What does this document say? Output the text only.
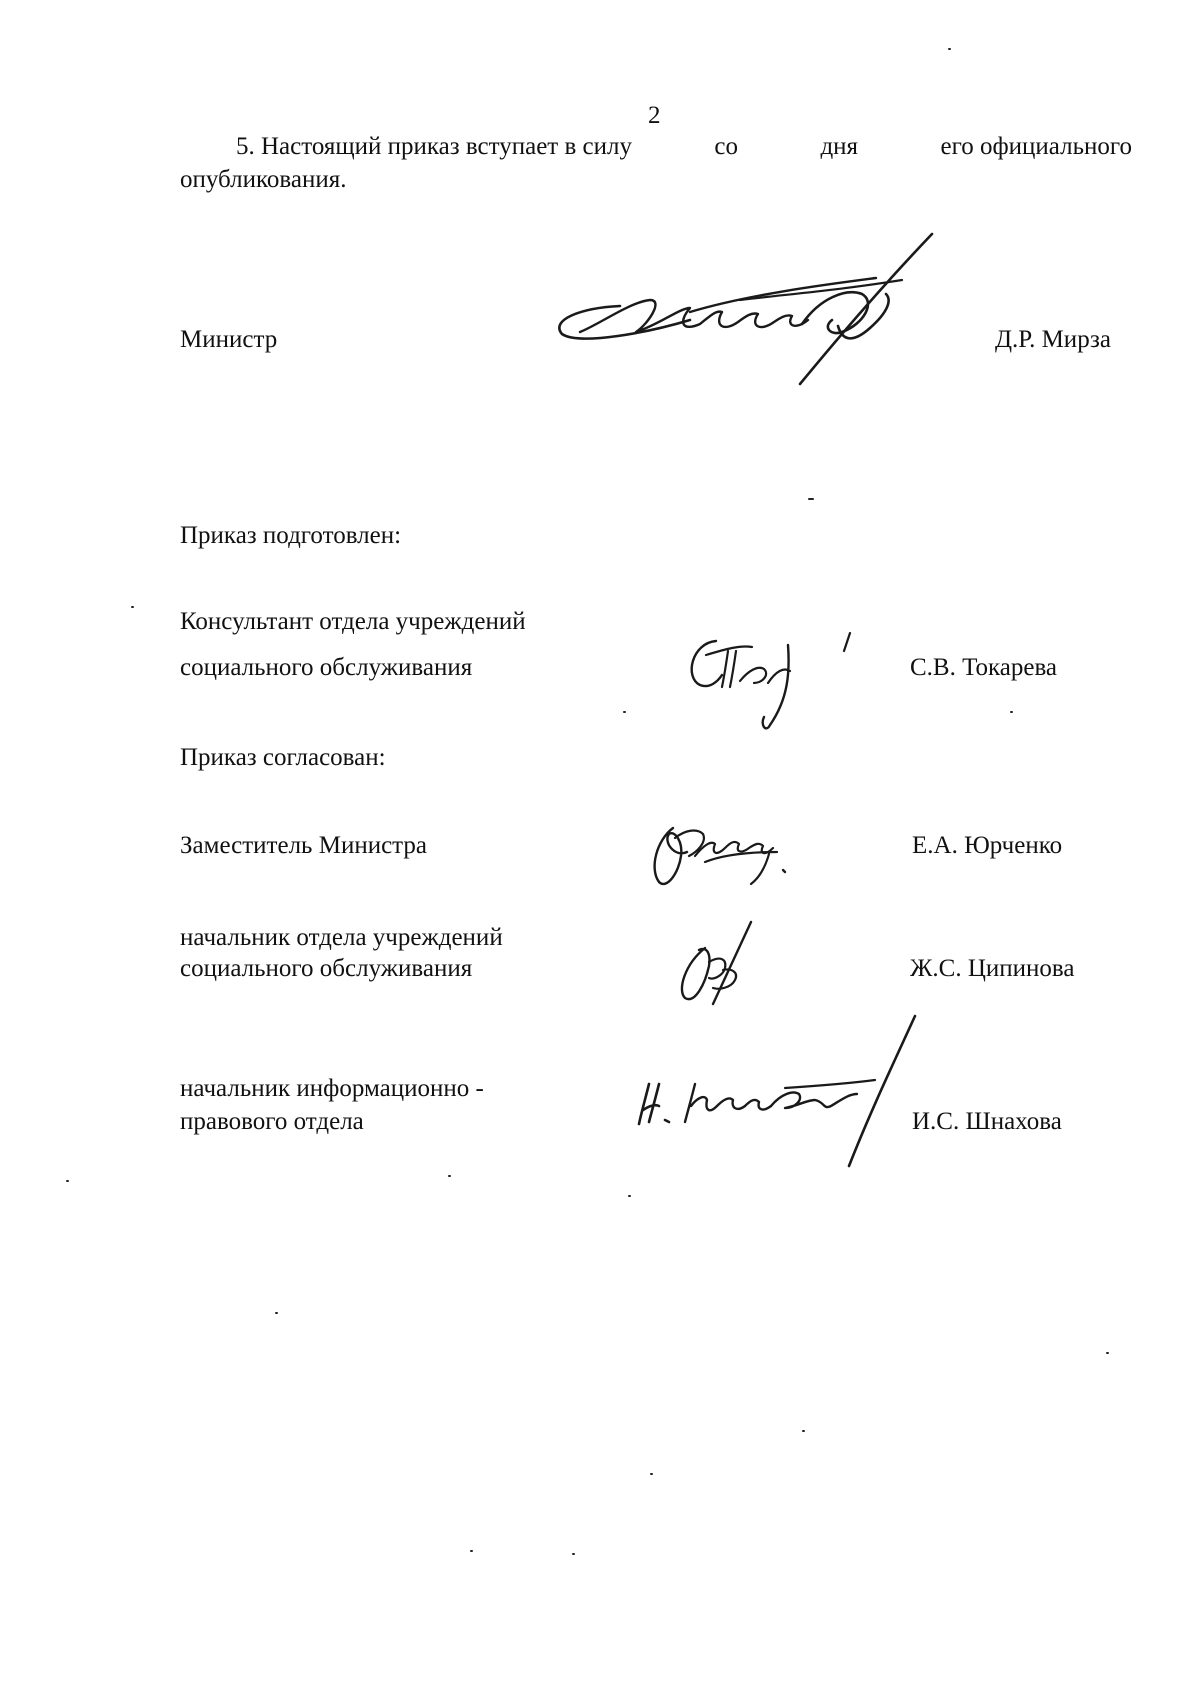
2
5. Настоящий приказ вступает в силу	со	дня	его официального
опубликования.
Министр	Д.Р. Мирза
Приказ подготовлен:
Консультант отдела учреждений
социального обслуживания	С.В. Токарева
Приказ согласован:
Заместитель Министра	Е.А. Юрченко
начальник отдела учреждений
социального обслуживания	Ж.С. Ципинова
начальник информационно -
правового отдела	И.С. Шнахова
